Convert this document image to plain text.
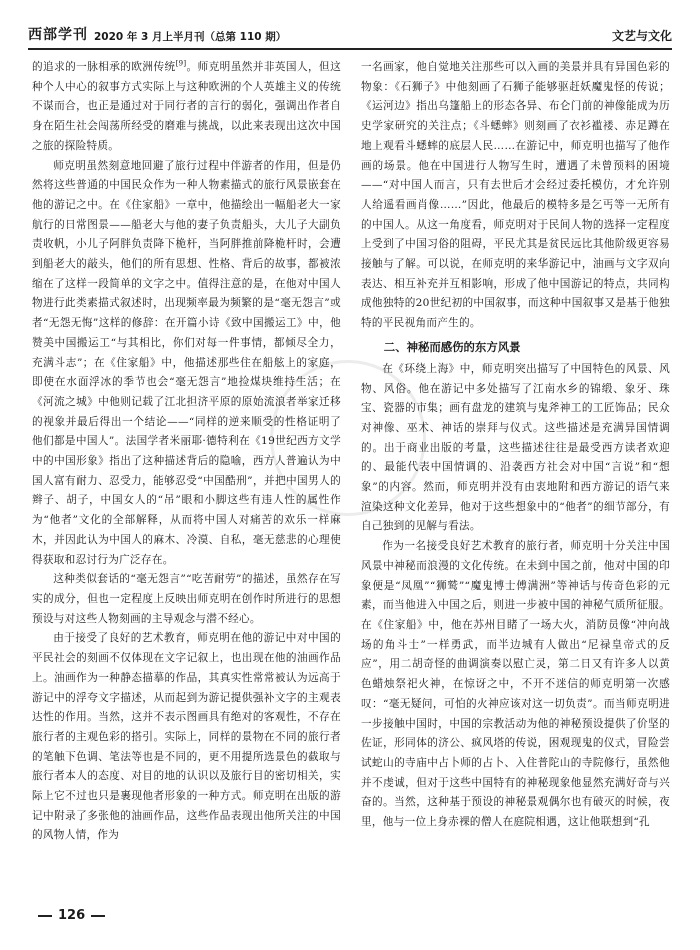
西部学刊 2020 年 3 月上半月刊（总第 110 期）	文艺与文化

的追求的一脉相承的欧洲传统[9]。师克明虽然并非英国人，但这种个人中心的叙事方式实际上与这种欧洲的个人英雄主义的传统不谋而合，也正是通过对于同行者的言行的弱化，强调出作者自身在陌生社会闯荡所经受的磨难与挑战，以此来表现出这次中国之旅的探险特质。

师克明虽然刻意地回避了旅行过程中伴游者的作用，但是仍然将这些普通的中国民众作为一种人物素描式的旅行风景嵌套在他的游记之中。在《住家船》一章中，他描绘出一幅船老大一家航行的日常图景——船老大与他的妻子负责船头，大儿子大副负责收帆，小儿子阿胖负责降下桅杆，当阿胖推前降桅杆时，会遭到船老大的敲头，他们的所有思想、性格、背后的故事，都被浓缩在了这样一段简单的文字之中。值得注意的是，在他对中国人物进行此类素描式叙述时，出现频率最为频繁的是“毫无怨言”或者“无怨无悔”这样的修辞：在开篇小诗《致中国搬运工》中，他赞美中国搬运工“与其相比，你们对每一件事情，都倾尽全力，充满斗志”；在《住家船》中，他描述那些住在船舷上的家庭，即使在水面浮冰的季节也会“毫无怨言”地捡煤块维持生活；在《河流之城》中他则记载了江北担济平原的原始流浪者举家迁移的视象并最后得出一个结论——“同样的逆来顺受的性格证明了他们都是中国人”。法国学者米丽耶·德特利在《19世纪西方文学中的中国形象》指出了这种描述背后的隐喻，西方人普遍认为中国人富有耐力、忍受力，能够忍受“中国酷刑”，并把中国男人的辫子、胡子，中国女人的“吊”眼和小脚这些有违人性的属性作为“他者”文化的全部解释，从而将中国人对痛苦的欢乐一样麻木，并因此认为中国人的麻木、冷漠、自私，毫无慈悲的心理使得获取和忍讨行为广泛存在。

这种类似套话的“毫无怨言”“吃苦耐劳”的描述，虽然存在写实的成分，但也一定程度上反映出师克明在创作时所进行的思想预设与对这些人物刻画的主导观念与潜不经心。

由于接受了良好的艺术教育，师克明在他的游记中对中国的平民社会的刻画不仅体现在文字记叙上，也出现在他的油画作品上。油画作为一种静态描摹的作品，其真实性常常被认为远高于游记中的浮夸文字描述，从而起到为游记提供强补文字的主观表达性的作用。当然，这并不表示图画具有绝对的客观性，不存在旅行者的主观色彩的搭引。实际上，同样的景物在不同的旅行者的笔触下色调、笔法等也是不同的，更不用提所选景色的截取与旅行者本人的态度、对目的地的认识以及旅行目的密切相关，实际上它不过也只是裹现他者形象的一种方式。师克明在出版的游记中附录了多张他的油画作品，这些作品表现出他所关注的中国的风物人情，作为

一名画家，他自觉地关注那些可以入画的美景并具有异国色彩的物象：《石狮子》中他刻画了石狮子能够驱赶妖魔鬼怪的传说；《运河边》指出乌篷船上的形态各异、布仑门前的神像能成为历史学家研究的关注点；《斗蟋蟀》则刻画了衣衫褴褛、赤足蹲在地上观看斗蟋蟀的底层人民……在游记中，师克明也描写了他作画的场景。他在中国进行人物写生时，遭遇了未曾预料的困境——“对中国人而言，只有去世后才会经过委托模仿，才允许别人给遥看画肖像……”因此，他最后的模特多是乞丐等一无所有的中国人。从这一角度看，师克明对于民间人物的选择一定程度上受到了中国习俗的阻碍，平民尤其是贫民远比其他阶级更容易接触与了解。可以说，在师克明的来华游记中，油画与文字双向表达、相互补充并互相影响，形成了他中国游记的特点，共同构成他独特的20世纪初的中国叙事，而这种中国叙事又是基于他独特的平民视角而产生的。

二、神秘而感伤的东方风景

在《环绕上海》中，师克明突出描写了中国特色的风景、风物、风俗。他在游记中多处描写了江南水乡的锦缎、象牙、珠宝、瓷器的市集；画有盘龙的建筑与鬼斧神工的工匠饰品；民众对神像、巫术、神话的崇拜与仪式。这些描述是充满异国情调的。出于商业出版的考量，这些描述往往是最受西方读者欢迎的、最能代表中国情调的、沿袭西方社会对中国“言说”和“想象”的内容。然而，师克明并没有由衷地附和西方游记的语气来渲染这种文化差异，他对于这些想象中的“他者”的细节部分，有自己独到的见解与看法。

作为一名接受良好艺术教育的旅行者，师克明十分关注中国风景中神秘而浪漫的文化传统。在未到中国之前，他对中国的印象便是“凤凰”“狮鹫”“魔鬼博士傅满洲”等神话与传奇色彩的元素，而当他进入中国之后，则进一步被中国的神秘气质所征服。在《住家船》中，他在苏州目睹了一场大火，消防员像“冲向战场的角斗士”一样勇武，而半边城有人做出“尼禄皇帝式的反应”，用二胡奇怪的曲调演奏以慰亡灵，第二日又有许多人以黄色蜡烛祭祀火神，在惊讶之中，不开不迷信的师克明第一次感叹：“毫无疑问，可怕的火神应该对这一切负责”。而当师克明进一步接触中国时，中国的宗教活动为他的神秘预设提供了价坚的佐证，形同体的济公、疯风塔的传说，困观现鬼的仪式，冒险尝试蛇山的寺庙中占卜师的占卜、入住普陀山的寺院修行，虽然他并不虔诚，但对于这些中国特有的神秘现象他显然充满好奇与兴奋的。当然，这种基于预设的神秘景观偶尔也有破灭的时候，夜里，他与一位上身赤裸的僧人在庭院相遇，这让他联想到“孔

126
